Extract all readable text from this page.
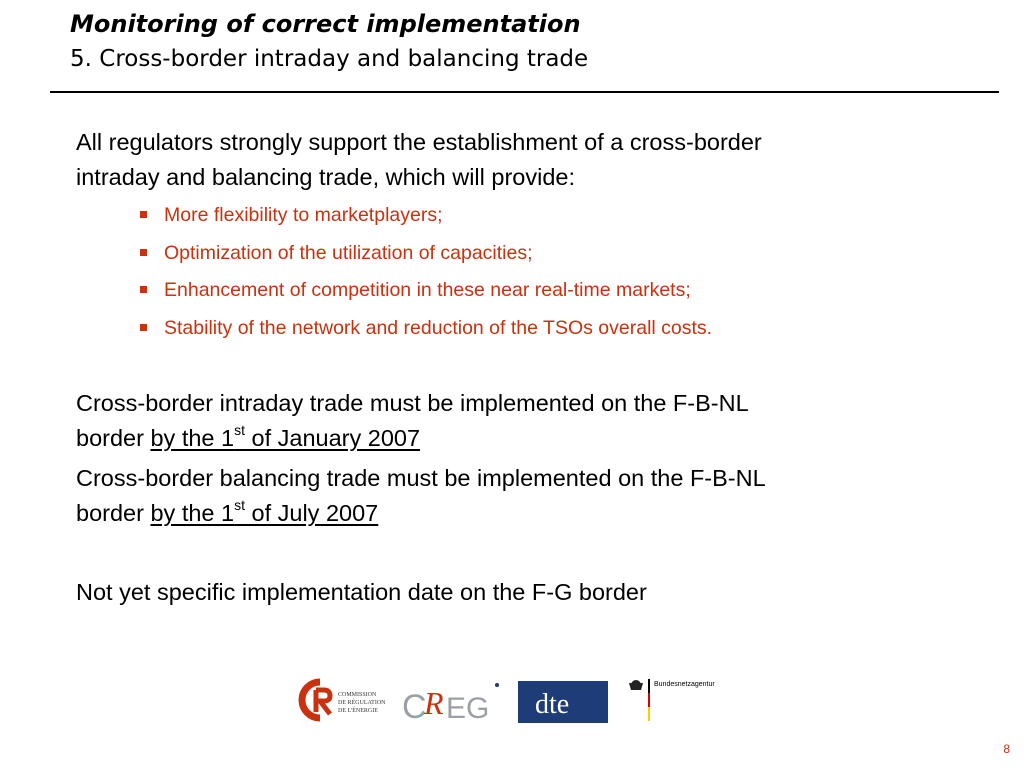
Monitoring of correct implementation
5. Cross-border intraday and balancing trade
All regulators strongly support the establishment of a cross-border
intraday and balancing trade, which will provide:
More flexibility to marketplayers;
Optimization of the utilization of capacities;
Enhancement of competition in these near real-time markets;
Stability of the network and reduction of the TSOs overall costs.
Cross-border intraday trade must be implemented on the F-B-NL
border by the 1st of January 2007
Cross-border balancing trade must be implemented on the F-B-NL
border by the 1st of July 2007
Not yet specific implementation date on the F-G border
COMMISSION
DE RÉGULATION
DE L'ÉNERGIE C
R EG dte
Bundesnetzagentur
8
